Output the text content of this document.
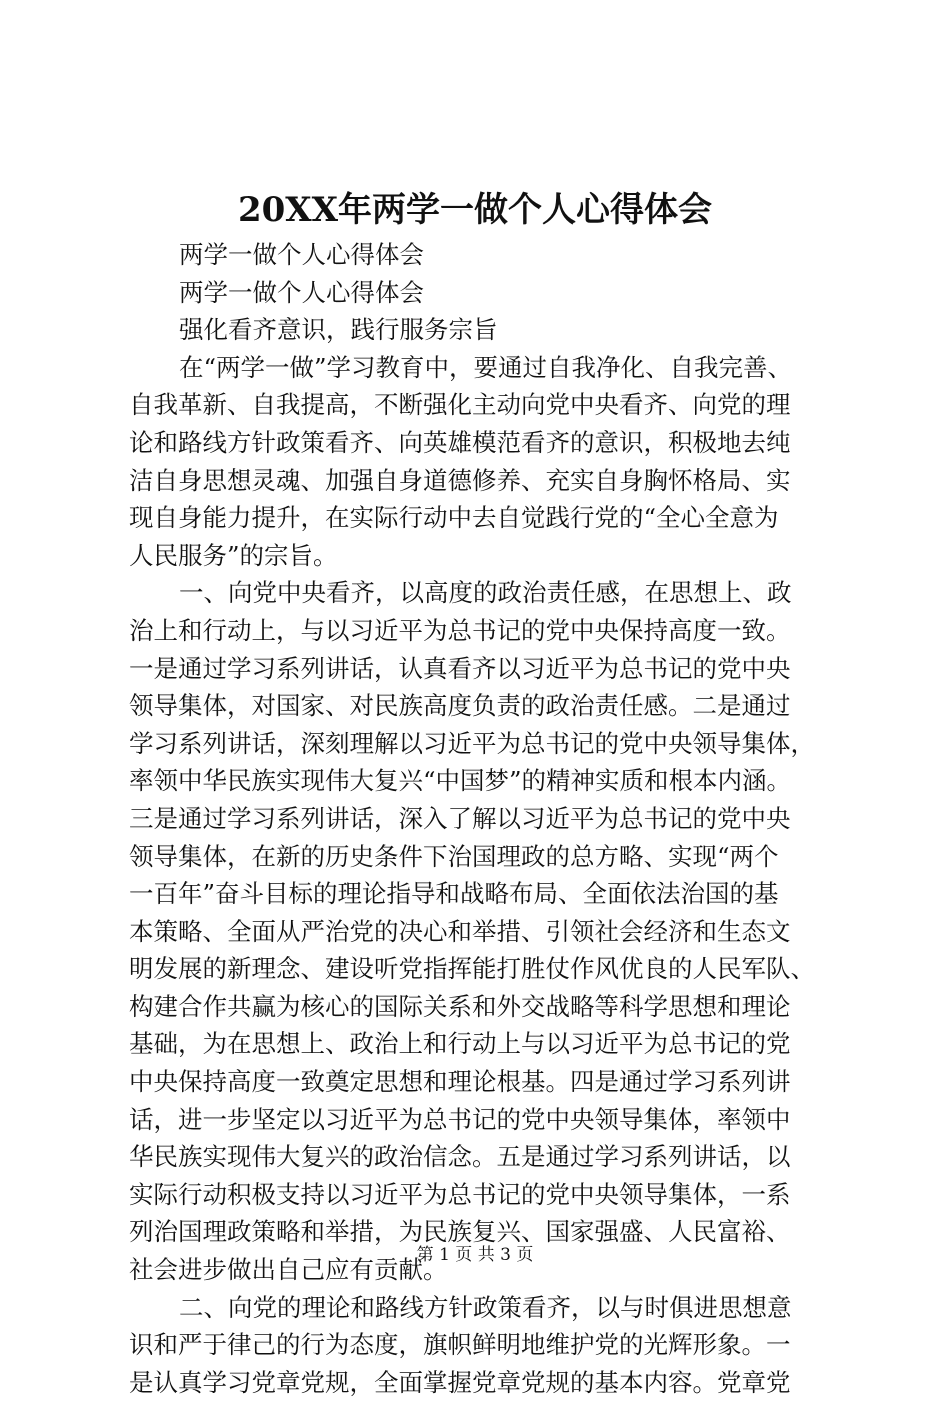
20XX年两学一做个人心得体会
两学一做个人心得体会
两学一做个人心得体会
强化看齐意识，践行服务宗旨
在“两学一做”学习教育中，要通过自我净化、自我完善、
自我革新、自我提高，不断强化主动向党中央看齐、向党的理
论和路线方针政策看齐、向英雄模范看齐的意识，积极地去纯
洁自身思想灵魂、加强自身道德修养、充实自身胸怀格局、实
现自身能力提升，在实际行动中去自觉践行党的“全心全意为
人民服务”的宗旨。
一、向党中央看齐，以高度的政治责任感，在思想上、政
治上和行动上，与以习近平为总书记的党中央保持高度一致。
一是通过学习系列讲话，认真看齐以习近平为总书记的党中央
领导集体，对国家、对民族高度负责的政治责任感。二是通过
学习系列讲话，深刻理解以习近平为总书记的党中央领导集体，
率领中华民族实现伟大复兴“中国梦”的精神实质和根本内涵。
三是通过学习系列讲话，深入了解以习近平为总书记的党中央
领导集体，在新的历史条件下治国理政的总方略、实现“两个
一百年”奋斗目标的理论指导和战略布局、全面依法治国的基
本策略、全面从严治党的决心和举措、引领社会经济和生态文
明发展的新理念、建设听党指挥能打胜仗作风优良的人民军队、
构建合作共赢为核心的国际关系和外交战略等科学思想和理论
基础，为在思想上、政治上和行动上与以习近平为总书记的党
中央保持高度一致奠定思想和理论根基。四是通过学习系列讲
话，进一步坚定以习近平为总书记的党中央领导集体，率领中
华民族实现伟大复兴的政治信念。五是通过学习系列讲话，以
实际行动积极支持以习近平为总书记的党中央领导集体，一系
列治国理政策略和举措，为民族复兴、国家强盛、人民富裕、
社会进步做出自己应有贡献。
二、向党的理论和路线方针政策看齐，以与时俱进思想意
识和严于律己的行为态度，旗帜鲜明地维护党的光辉形象。一
是认真学习党章党规，全面掌握党章党规的基本内容。党章党
第 1 页 共 3 页
